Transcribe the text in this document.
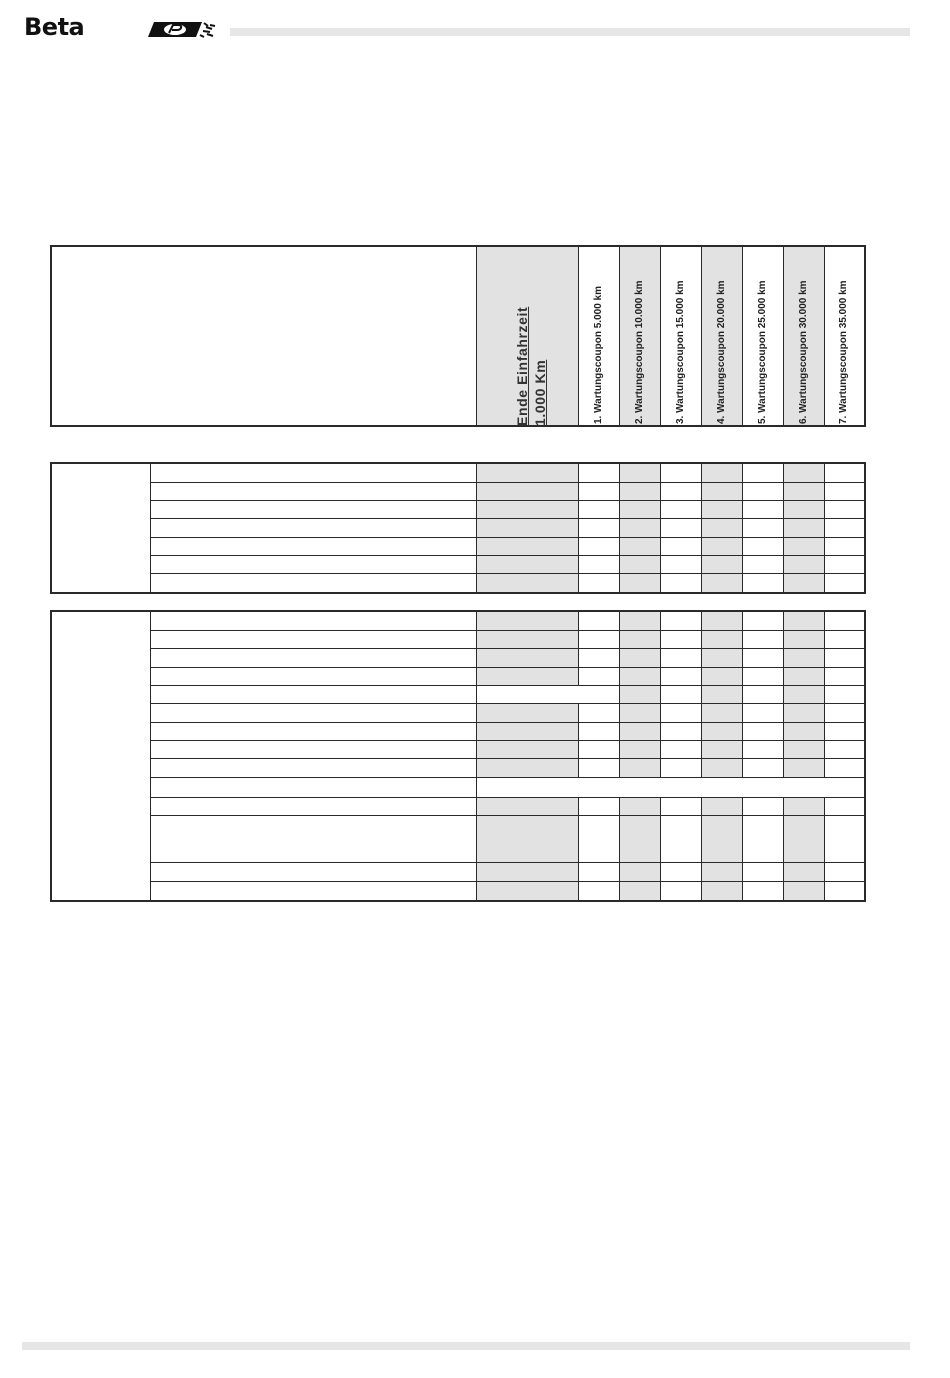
Beta
Ende Einfahrzeit 1.000 Km	1. Wartungscoupon 5.000 km	2. Wartungscoupon 10.000 km	3. Wartungscoupon 15.000 km	4. Wartungscoupon 20.000 km	5. Wartungscoupon 25.000 km	6. Wartungscoupon 30.000 km	7. Wartungscoupon 35.000 km
